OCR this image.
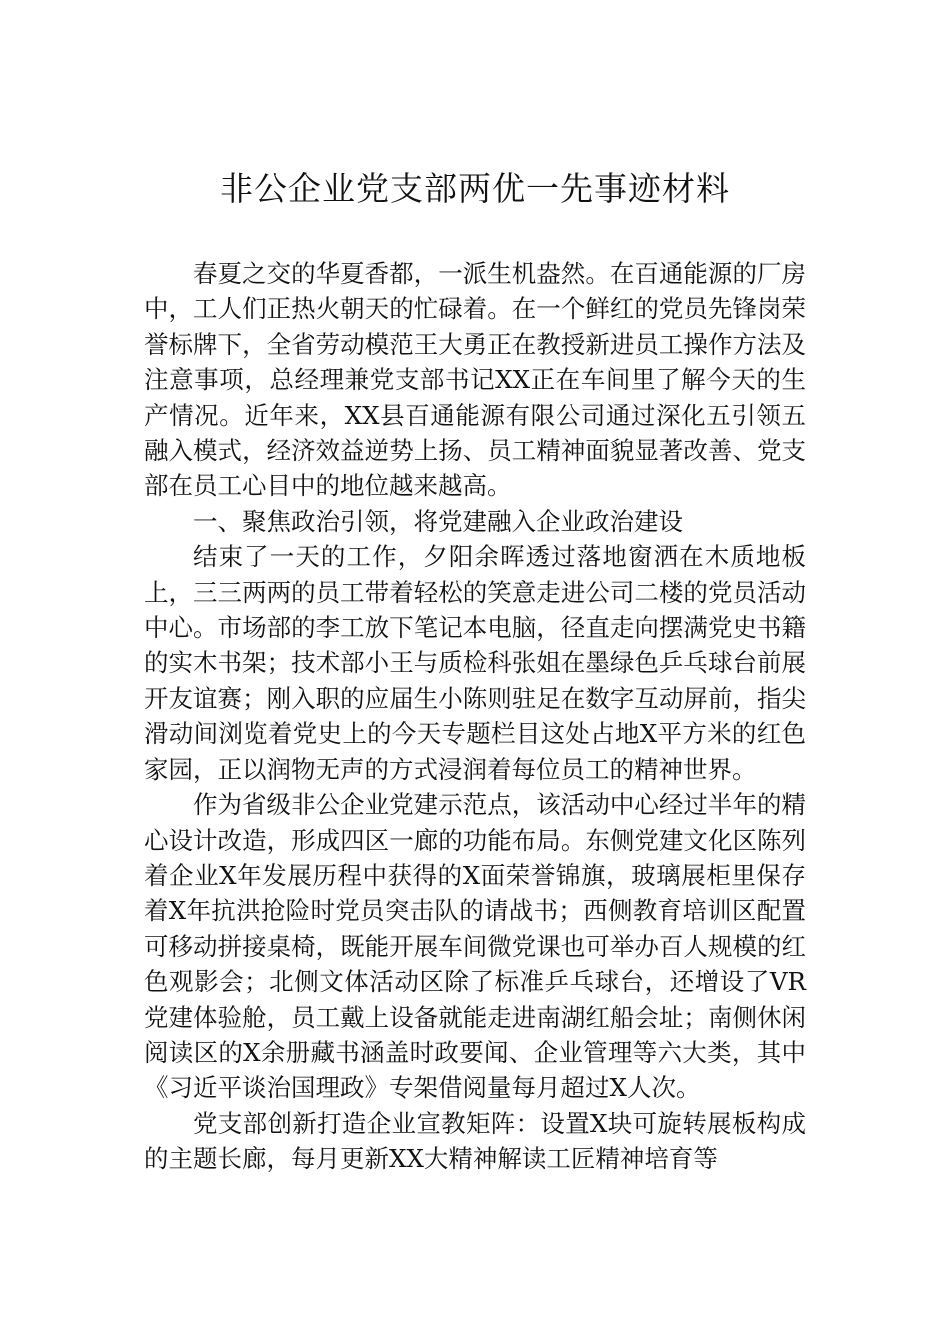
非公企业党支部两优一先事迹材料

春夏之交的华夏香都，一派生机盎然。在百通能源的厂房中，工人们正热火朝天的忙碌着。在一个鲜红的党员先锋岗荣誉标牌下，全省劳动模范王大勇正在教授新进员工操作方法及注意事项，总经理兼党支部书记XX正在车间里了解今天的生产情况。近年来，XX县百通能源有限公司通过深化五引领五融入模式，经济效益逆势上扬、员工精神面貌显著改善、党支部在员工心目中的地位越来越高。

一、聚焦政治引领，将党建融入企业政治建设

结束了一天的工作，夕阳余晖透过落地窗洒在木质地板上，三三两两的员工带着轻松的笑意走进公司二楼的党员活动中心。市场部的李工放下笔记本电脑，径直走向摆满党史书籍的实木书架；技术部小王与质检科张姐在墨绿色乒乓球台前展开友谊赛；刚入职的应届生小陈则驻足在数字互动屏前，指尖滑动间浏览着党史上的今天专题栏目这处占地X平方米的红色家园，正以润物无声的方式浸润着每位员工的精神世界。

作为省级非公企业党建示范点，该活动中心经过半年的精心设计改造，形成四区一廊的功能布局。东侧党建文化区陈列着企业X年发展历程中获得的X面荣誉锦旗，玻璃展柜里保存着X年抗洪抢险时党员突击队的请战书；西侧教育培训区配置可移动拼接桌椅，既能开展车间微党课也可举办百人规模的红色观影会；北侧文体活动区除了标准乒乓球台，还增设了VR党建体验舱，员工戴上设备就能走进南湖红船会址；南侧休闲阅读区的X余册藏书涵盖时政要闻、企业管理等六大类，其中《习近平谈治国理政》专架借阅量每月超过X人次。

党支部创新打造企业宣教矩阵：设置X块可旋转展板构成的主题长廊，每月更新XX大精神解读工匠精神培育等
